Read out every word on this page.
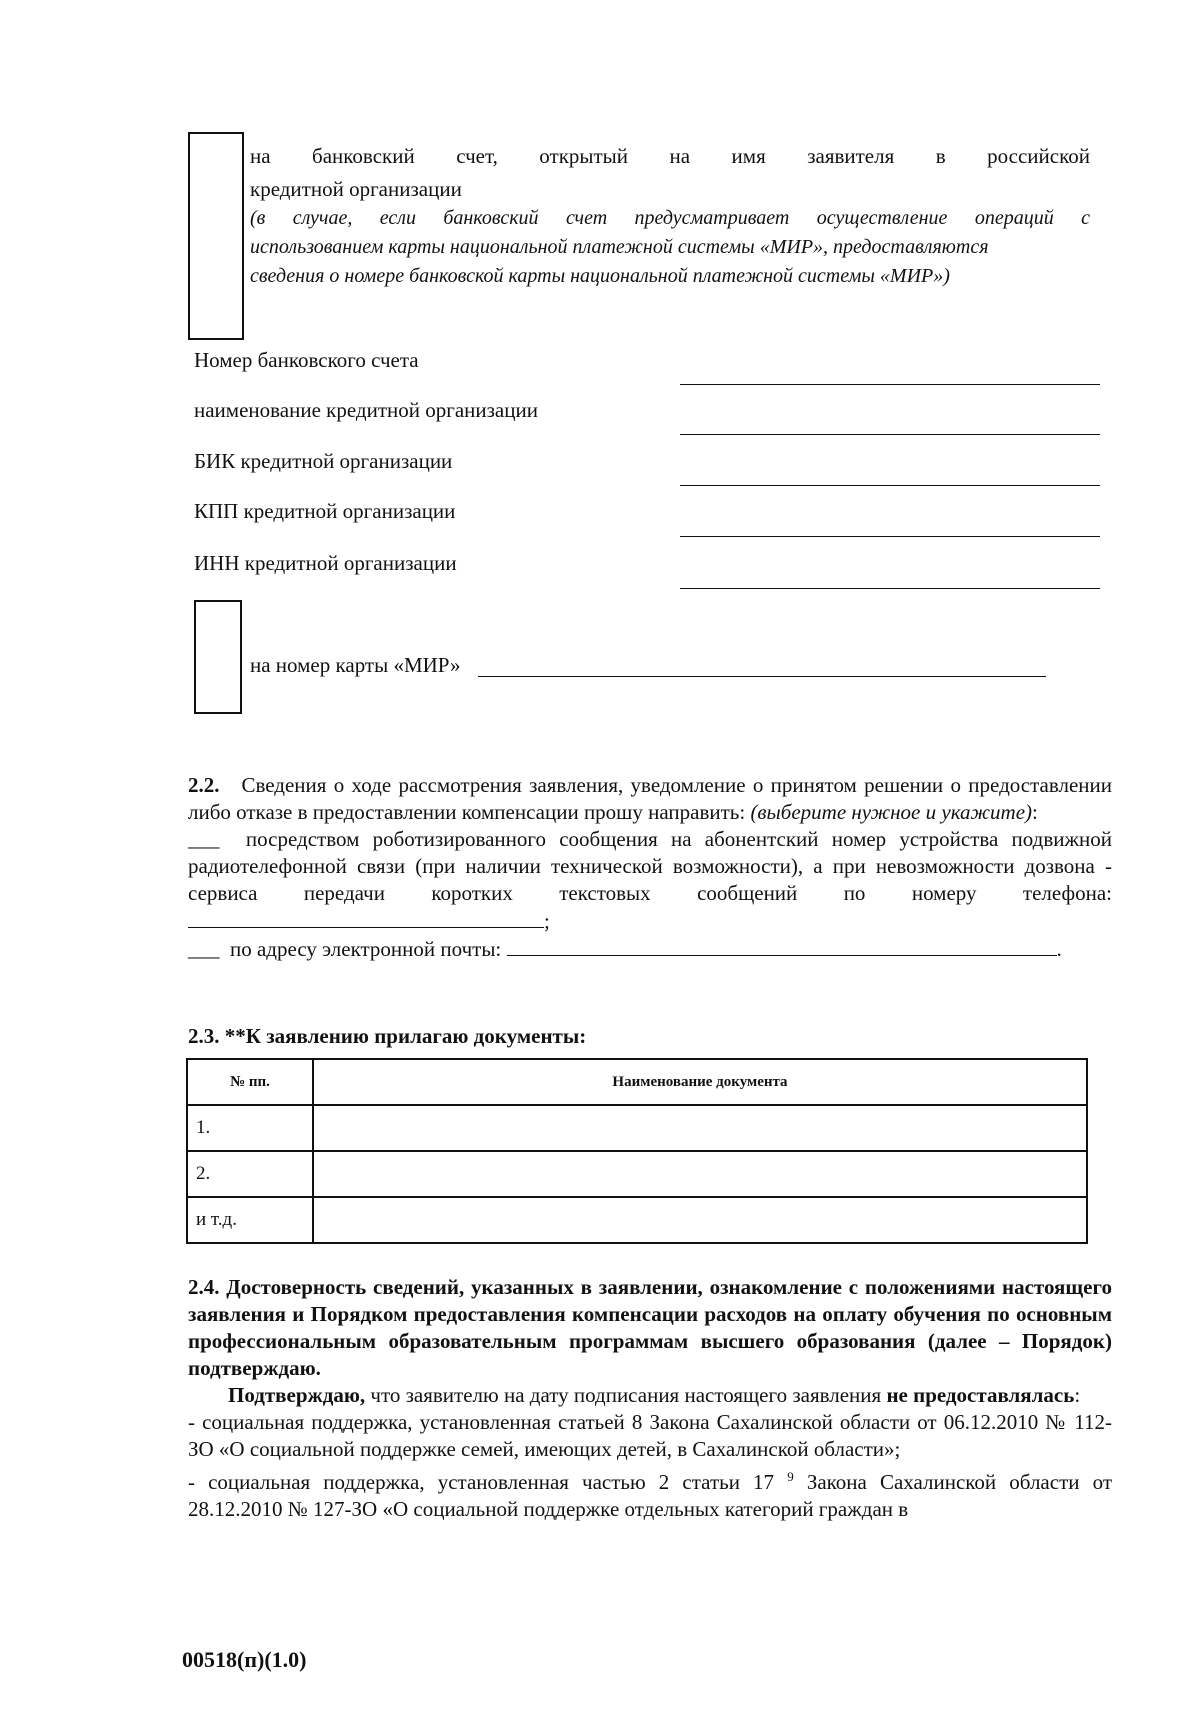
на банковский счет, открытый на имя заявителя в российской
кредитной организации
(в случае, если банковский счет предусматривает осуществление операций с
использованием карты национальной платежной системы «МИР», предоставляются
сведения о номере банковской карты национальной платежной системы «МИР»)
Номер банковского счета
наименование кредитной организации
БИК кредитной организации
КПП кредитной организации
ИНН кредитной организации
на номер карты «МИР»

2.2. Сведения о ходе рассмотрения заявления, уведомление о принятом решении о предоставлении либо отказе в предоставлении компенсации прошу направить: (выберите нужное и укажите):

___ посредством роботизированного сообщения на абонентский номер устройства подвижной радиотелефонной связи (при наличии технической возможности), а при невозможности дозвона - сервиса передачи коротких текстовых сообщений по номеру телефона: ;

___ по адресу электронной почты:	.

2.3. **К заявлению прилагаю документы:
№ пп.	Наименование документа
1.	
2.	
и т.д.	

2.4. Достоверность сведений, указанных в заявлении, ознакомление с положениями настоящего заявления и Порядком предоставления компенсации расходов на оплату обучения по основным профессиональным образовательным программам высшего образования (далее – Порядок) подтверждаю.

Подтверждаю, что заявителю на дату подписания настоящего заявления не предоставлялась:

- социальная поддержка, установленная статьей 8 Закона Сахалинской области от 06.12.2010 № 112-ЗО «О социальной поддержке семей, имеющих детей, в Сахалинской области»;

- социальная поддержка, установленная частью 2 статьи 17 $^9$ Закона Сахалинской области от 28.12.2010 № 127-ЗО «О социальной поддержке отдельных категорий граждан в

00518(п)(1.0)
